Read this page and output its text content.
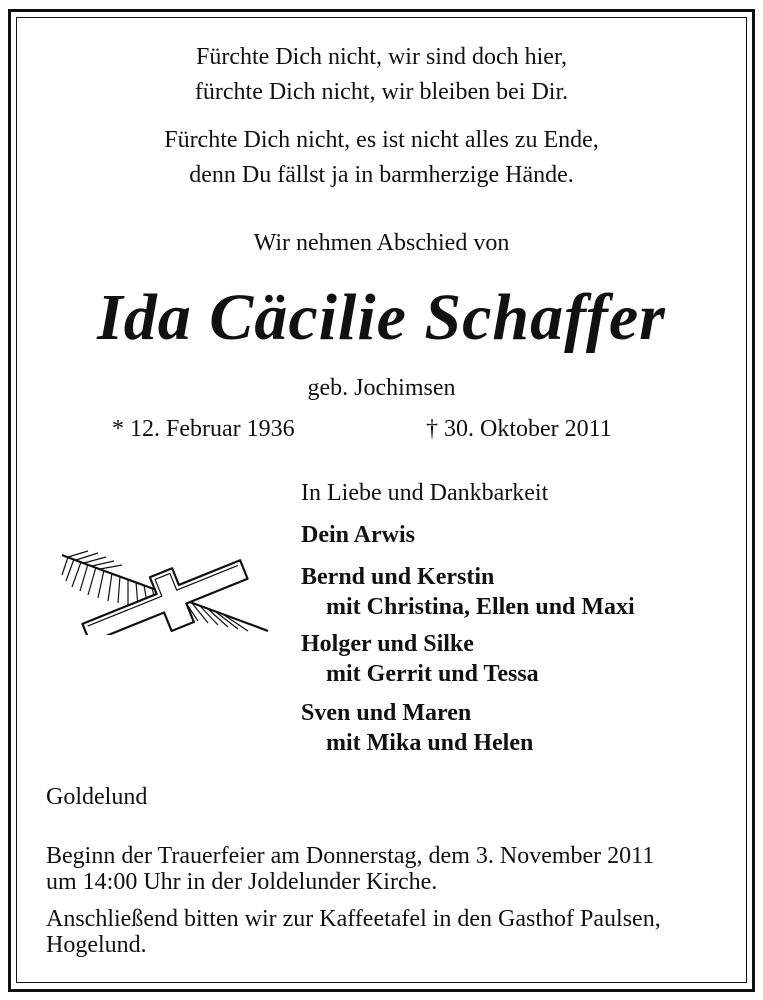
Fürchte Dich nicht, wir sind doch hier,

fürchte Dich nicht, wir bleiben bei Dir.

Fürchte Dich nicht, es ist nicht alles zu Ende,

denn Du fällst ja in barmherzige Hände.

Wir nehmen Abschied von

Ida Cäcilie Schaffer

geb. Jochimsen

* 12. Februar 1936	† 30. Oktober 2011

In Liebe und Dankbarkeit

Dein Arwis

Bernd und Kerstin

mit Christina, Ellen und Maxi

Holger und Silke

mit Gerrit und Tessa

Sven und Maren

mit Mika und Helen

Goldelund

Beginn der Trauerfeier am Donnerstag, dem 3. November 2011

um 14:00 Uhr in der Joldelunder Kirche.

Anschließend bitten wir zur Kaffeetafel in den Gasthof Paulsen,

Hogelund.
